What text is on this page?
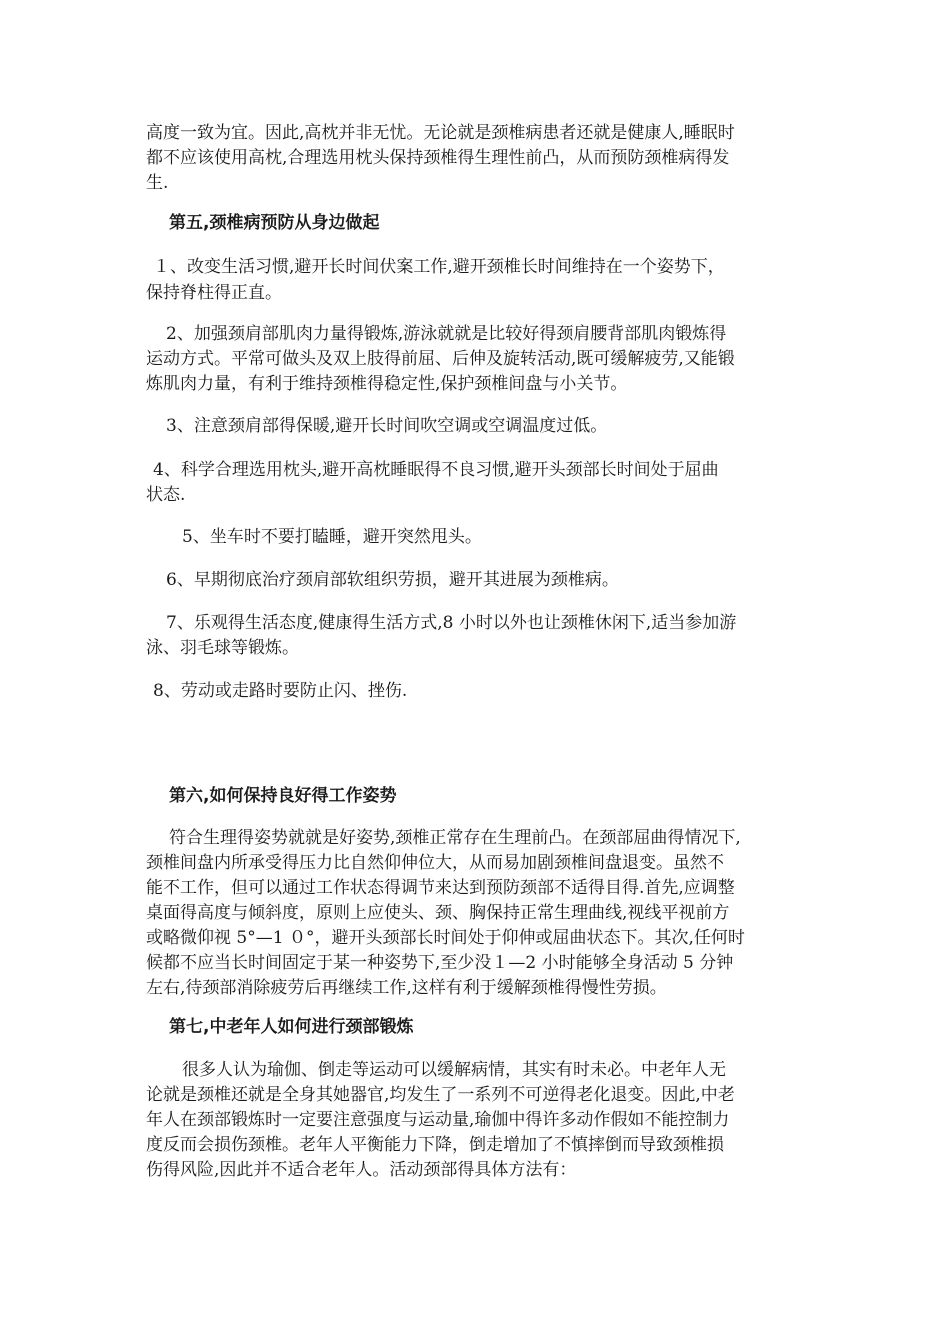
高度一致为宜。因此,高枕并非无忧。无论就是颈椎病患者还就是健康人,睡眠时
都不应该使用高枕,合理选用枕头保持颈椎得生理性前凸，从而预防颈椎病得发
生.
第五,颈椎病预防从身边做起
１、改变生活习惯,避开长时间伏案工作,避开颈椎长时间维持在一个姿势下，
保持脊柱得正直。
2、加强颈肩部肌肉力量得锻炼,游泳就就是比较好得颈肩腰背部肌肉锻炼得
运动方式。平常可做头及双上肢得前屈、后伸及旋转活动,既可缓解疲劳,又能锻
炼肌肉力量，有利于维持颈椎得稳定性,保护颈椎间盘与小关节。
3、注意颈肩部得保暖,避开长时间吹空调或空调温度过低。
4、科学合理选用枕头,避开高枕睡眠得不良习惯,避开头颈部长时间处于屈曲
状态.
5、坐车时不要打瞌睡，避开突然甩头。
6、早期彻底治疗颈肩部软组织劳损，避开其进展为颈椎病。
7、乐观得生活态度,健康得生活方式,8 小时以外也让颈椎休闲下,适当参加游
泳、羽毛球等锻炼。
8、劳动或走路时要防止闪、挫伤.
第六,如何保持良好得工作姿势
符合生理得姿势就就是好姿势,颈椎正常存在生理前凸。在颈部屈曲得情况下,
颈椎间盘内所承受得压力比自然仰伸位大，从而易加剧颈椎间盘退变。虽然不
能不工作，但可以通过工作状态得调节来达到预防颈部不适得目得.首先,应调整
桌面得高度与倾斜度，原则上应使头、颈、胸保持正常生理曲线,视线平视前方
或略微仰视 5°—1 ０°，避开头颈部长时间处于仰伸或屈曲状态下。其次,任何时
候都不应当长时间固定于某一种姿势下,至少没１—2 小时能够全身活动 5 分钟
左右,待颈部消除疲劳后再继续工作,这样有利于缓解颈椎得慢性劳损。
第七,中老年人如何进行颈部锻炼
很多人认为瑜伽、倒走等运动可以缓解病情，其实有时未必。中老年人无
论就是颈椎还就是全身其她器官,均发生了一系列不可逆得老化退变。因此,中老
年人在颈部锻炼时一定要注意强度与运动量,瑜伽中得许多动作假如不能控制力
度反而会损伤颈椎。老年人平衡能力下降，倒走增加了不慎摔倒而导致颈椎损
伤得风险,因此并不适合老年人。活动颈部得具体方法有：
